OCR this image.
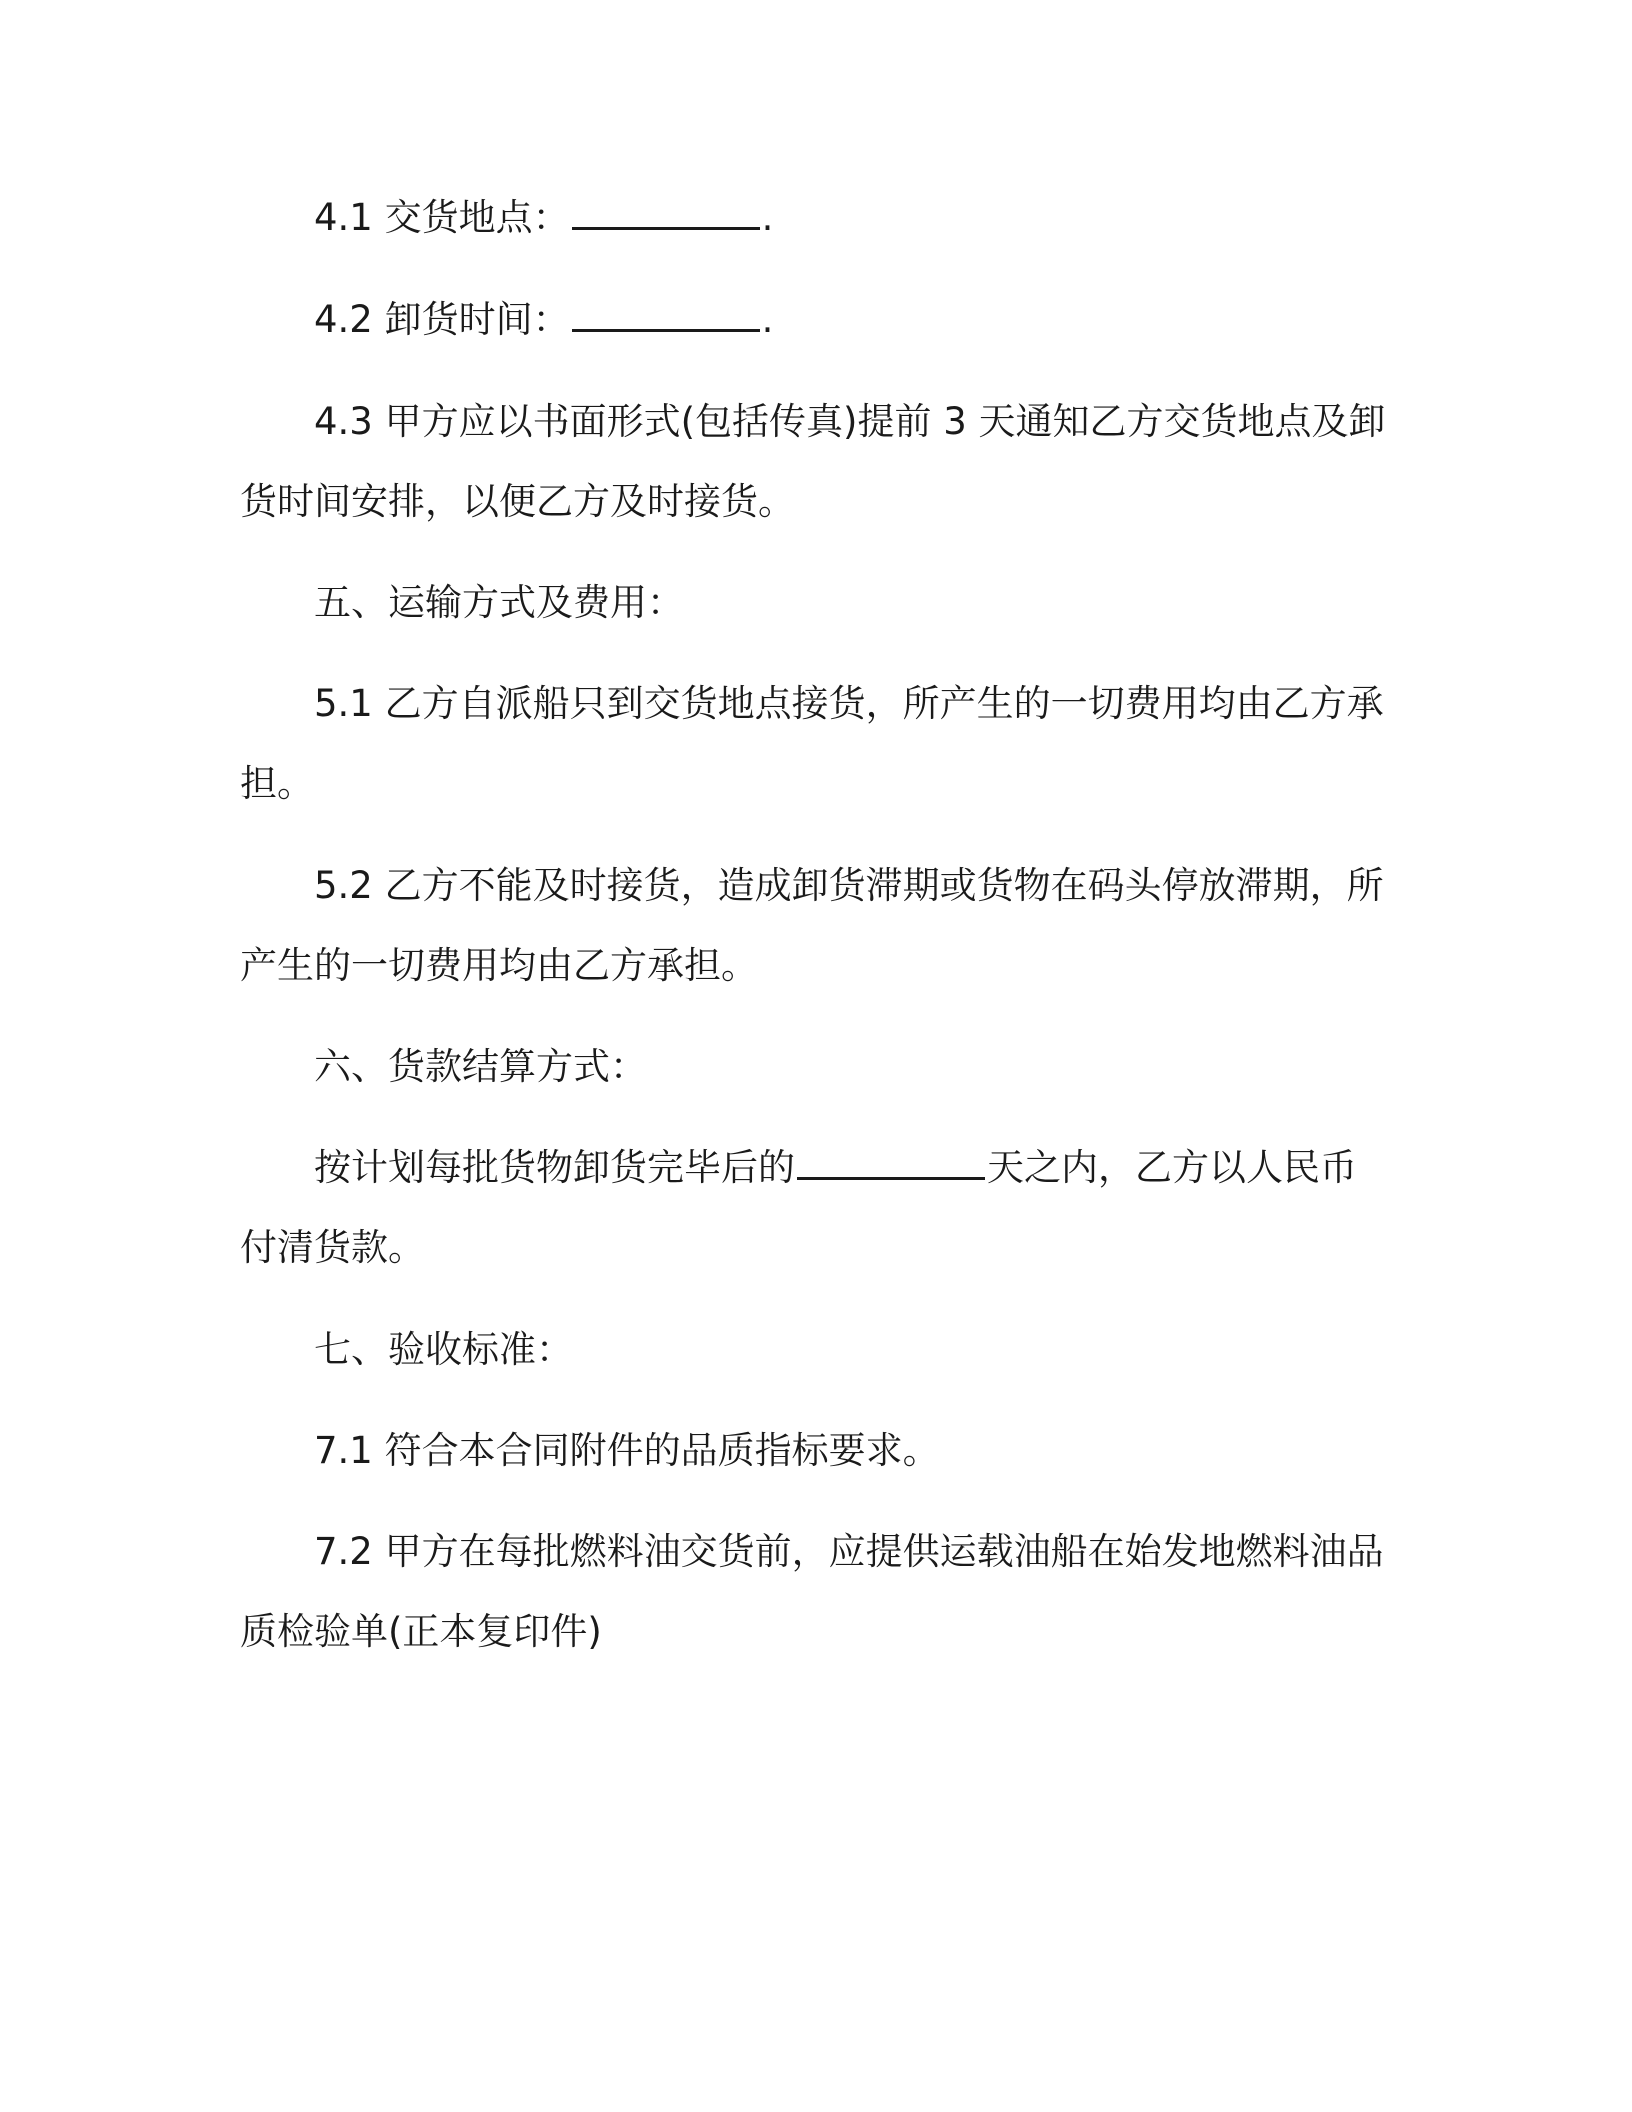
4.1 交货地点：	.

4.2 卸货时间：	.

4.3 甲方应以书面形式(包括传真)提前 3 天通知乙方交货地点及卸

货时间安排，以便乙方及时接货。

五、运输方式及费用：

5.1 乙方自派船只到交货地点接货，所产生的一切费用均由乙方承

担。

5.2 乙方不能及时接货，造成卸货滞期或货物在码头停放滞期，所

产生的一切费用均由乙方承担。

六、货款结算方式：

按计划每批货物卸货完毕后的	天之内，乙方以人民币

付清货款。

七、验收标准：

7.1 符合本合同附件的品质指标要求。

7.2 甲方在每批燃料油交货前，应提供运载油船在始发地燃料油品

质检验单(正本复印件)
